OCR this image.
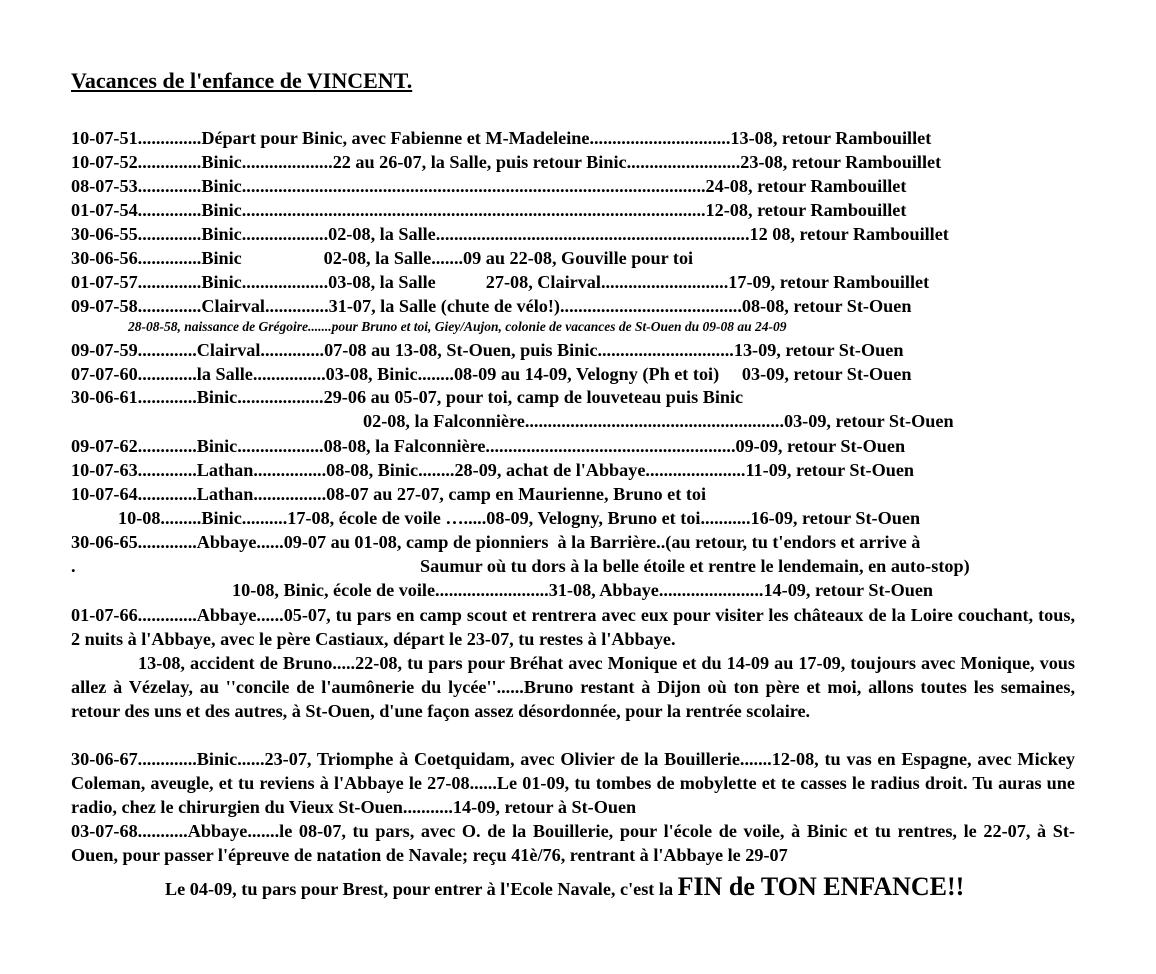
Vacances de l'enfance de VINCENT.
10-07-51..............Départ pour Binic, avec Fabienne et M-Madeleine...............................13-08, retour Rambouillet
10-07-52..............Binic....................22 au 26-07, la Salle, puis retour Binic.........................23-08, retour Rambouillet
08-07-53..............Binic......................................................................................................24-08, retour Rambouillet
01-07-54..............Binic......................................................................................................12-08, retour Rambouillet
30-06-55..............Binic...................02-08, la Salle.....................................................................12 08, retour Rambouillet
30-06-56..............Binic                  02-08, la Salle.......09 au 22-08, Gouville pour toi
01-07-57..............Binic...................03-08, la Salle           27-08, Clairval............................17-09, retour Rambouillet
09-07-58..............Clairval..............31-07, la Salle (chute de vélo!)........................................08-08, retour St-Ouen
28-08-58, naissance de Grégoire.......pour Bruno et toi, Giey/Aujon, colonie de vacances de St-Ouen du 09-08 au 24-09
09-07-59.............Clairval..............07-08 au 13-08, St-Ouen, puis Binic..............................13-09, retour St-Ouen
07-07-60.............la Salle................03-08, Binic........08-09 au 14-09, Velogny (Ph et toi)     03-09, retour St-Ouen
30-06-61.............Binic...................29-06 au 05-07, pour toi, camp de louveteau puis Binic
02-08, la Falconnière.........................................................03-09, retour St-Ouen
09-07-62.............Binic...................08-08, la Falconnière.......................................................09-09, retour St-Ouen
10-07-63.............Lathan................08-08, Binic........28-09, achat de l'Abbaye......................11-09, retour St-Ouen
10-07-64.............Lathan................08-07 au 27-07, camp en Maurienne, Bruno et toi
10-08.........Binic..........17-08, école de voile ….....08-09, Velogny, Bruno et toi...........16-09, retour St-Ouen
30-06-65.............Abbaye......09-07 au 01-08, camp de pionniers  à la Barrière..(au retour, tu t'endors et arrive à
.	Saumur où tu dors à la belle étoile et rentre le lendemain, en auto-stop)
10-08, Binic, école de voile.........................31-08, Abbaye.......................14-09, retour St-Ouen
01-07-66.............Abbaye......05-07, tu pars en camp scout et rentrera avec eux pour visiter les châteaux de la Loire couchant, tous, 2 nuits à l'Abbaye, avec le père Castiaux, départ le 23-07, tu restes à l'Abbaye.
13-08, accident de Bruno.....22-08, tu pars pour Bréhat avec Monique et du 14-09 au 17-09, toujours avec Monique, vous allez à Vézelay, au ''concile de l'aumônerie du lycée''......Bruno restant à Dijon où ton père et moi, allons toutes les semaines, retour des uns et des autres, à St-Ouen, d'une façon assez désordonnée, pour la rentrée scolaire.
30-06-67.............Binic......23-07, Triomphe à Coetquidam, avec Olivier de la Bouillerie.......12-08, tu vas en Espagne, avec Mickey Coleman, aveugle, et tu reviens à l'Abbaye le 27-08......Le 01-09, tu tombes de mobylette et te casses le radius droit. Tu auras une radio, chez le chirurgien du Vieux St-Ouen...........14-09, retour à St-Ouen
03-07-68...........Abbaye.......le 08-07, tu pars, avec O. de la Bouillerie, pour l'école de voile, à Binic et tu rentres, le 22-07, à St-Ouen, pour passer l'épreuve de natation de Navale; reçu 41è/76, rentrant à l'Abbaye le 29-07
Le 04-09, tu pars pour Brest, pour entrer à l'Ecole Navale, c'est la FIN de TON ENFANCE!!
